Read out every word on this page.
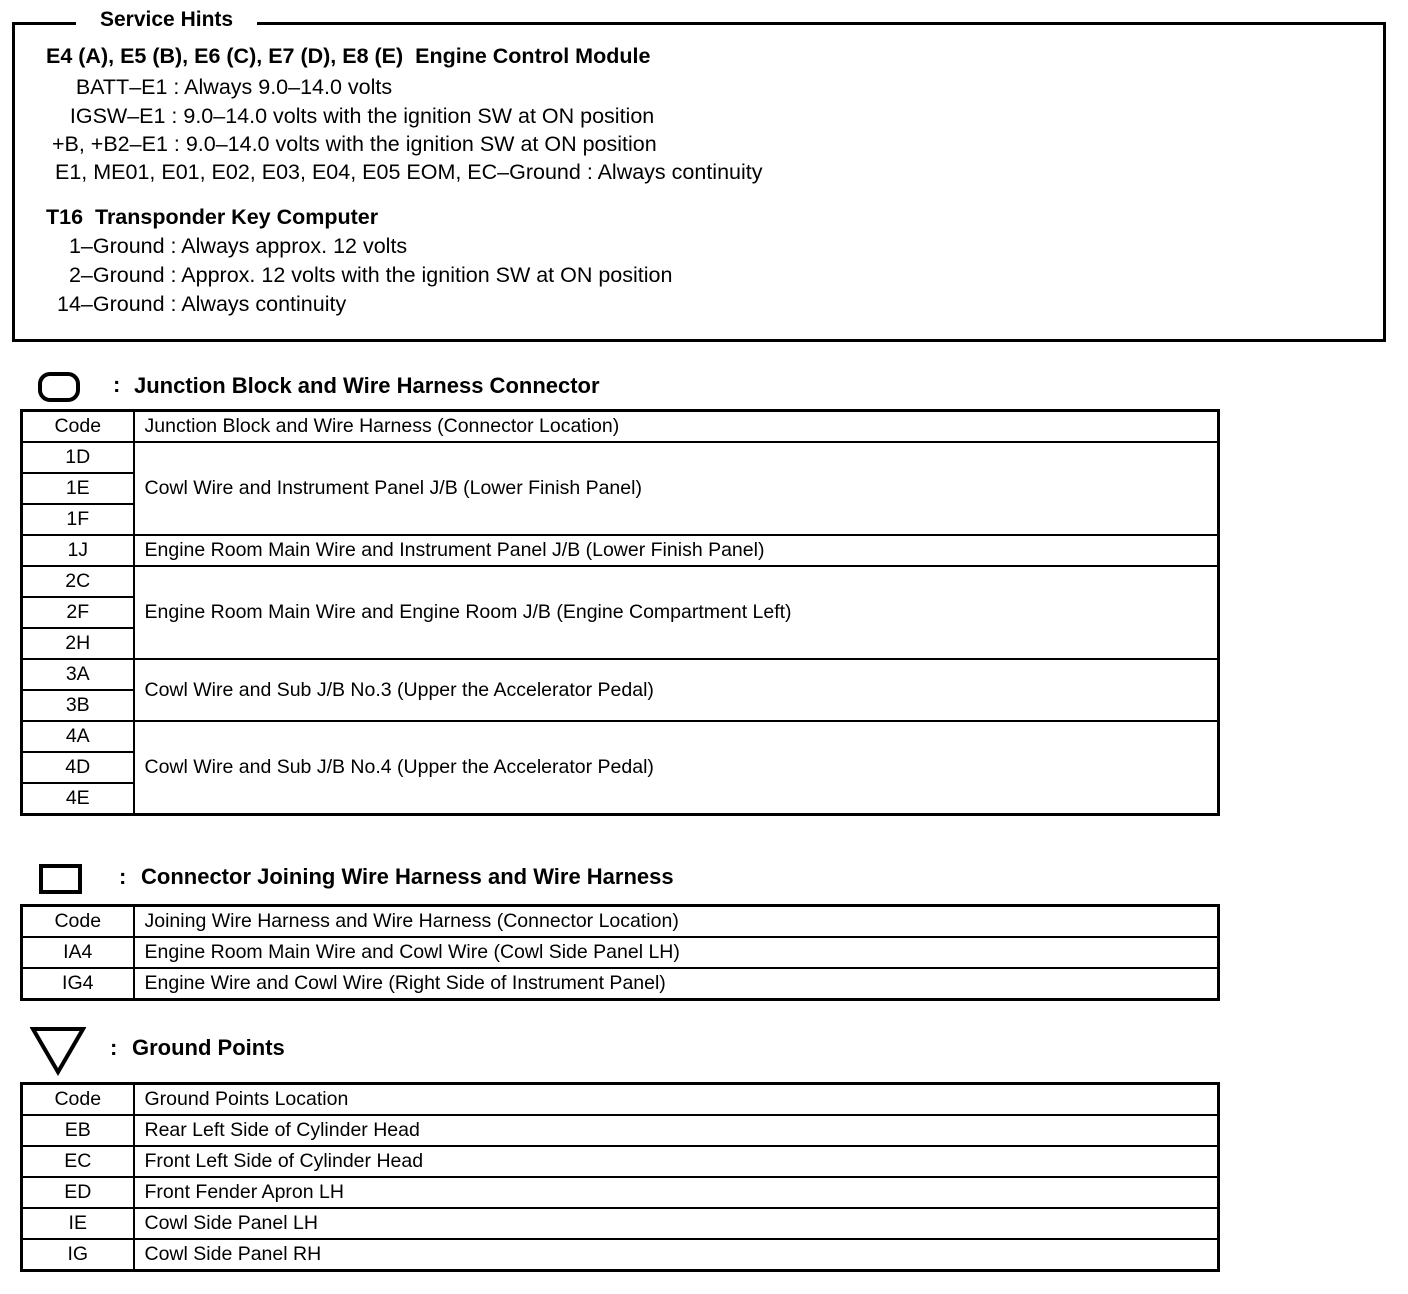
Service Hints
E4 (A), E5 (B), E6 (C), E7 (D), E8 (E)  Engine Control Module
BATT–E1 : Always 9.0–14.0 volts
IGSW–E1 : 9.0–14.0 volts with the ignition SW at ON position
+B, +B2–E1 : 9.0–14.0 volts with the ignition SW at ON position
E1, ME01, E01, E02, E03, E04, E05 EOM, EC–Ground : Always continuity
T16  Transponder Key Computer
1–Ground : Always approx. 12 volts
2–Ground : Approx. 12 volts with the ignition SW at ON position
14–Ground : Always continuity
: Junction Block and Wire Harness Connector
Code	Junction Block and Wire Harness (Connector Location)
1D	Cowl Wire and Instrument Panel J/B (Lower Finish Panel)
1E	
1F	
1J	Engine Room Main Wire and Instrument Panel J/B (Lower Finish Panel)
2C	Engine Room Main Wire and Engine Room J/B (Engine Compartment Left)
2F	
2H	
3A	Cowl Wire and Sub J/B No.3 (Upper the Accelerator Pedal)
3B	
4A	Cowl Wire and Sub J/B No.4 (Upper the Accelerator Pedal)
4D	
4E	
: Connector Joining Wire Harness and Wire Harness
Code	Joining Wire Harness and Wire Harness (Connector Location)
IA4	Engine Room Main Wire and Cowl Wire (Cowl Side Panel LH)
IG4	Engine Wire and Cowl Wire (Right Side of Instrument Panel)
: Ground Points
Code	Ground Points Location
EB	Rear Left Side of Cylinder Head
EC	Front Left Side of Cylinder Head
ED	Front Fender Apron LH
IE	Cowl Side Panel LH
IG	Cowl Side Panel RH
